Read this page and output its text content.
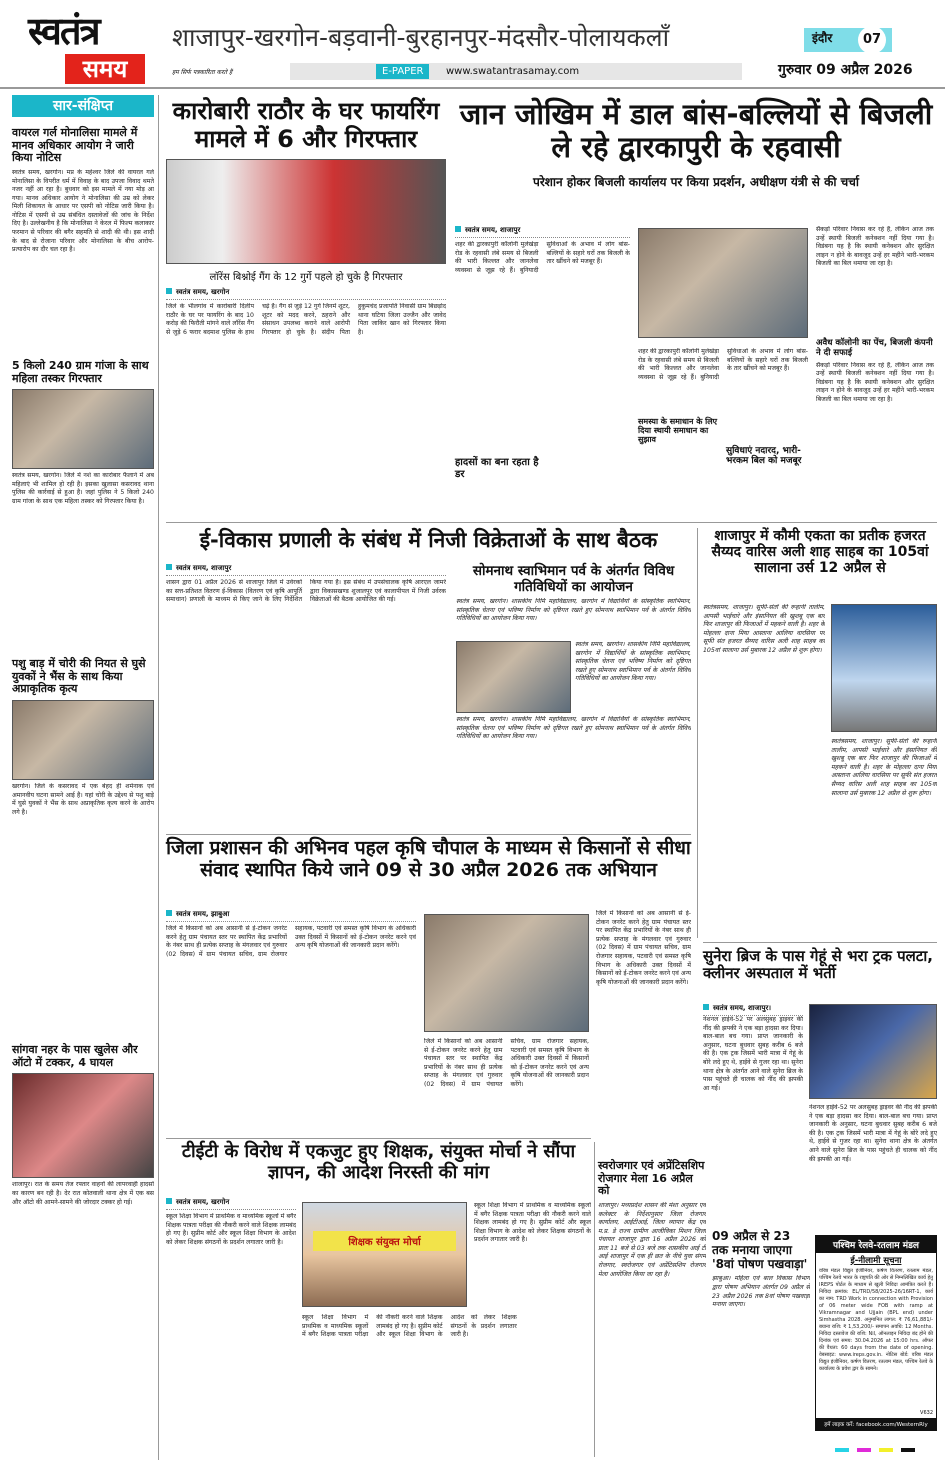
स्वतंत्र
समय
शाजापुर-खरगोन-बड़वानी-बुरहानपुर-मंदसौर-पोलायकलाँ	इंदौर	07
हम सिर्फ पत्रकारिता करते हैं	E-PAPER	www.swatantrasamay.com	गुरुवार 09 अप्रैल 2026
सार-संक्षिप्त
वायरल गर्ल मोनालिसा मामले में मानव अधिकार आयोग ने जारी किया नोटिस
स्वतंत्र समय, खरगोन। मप्र के महेश्वर जिले की वायरल गर्ल मोनालिसा के विपरीत धर्म में विवाह के बाद उपजा विवाद थमते नजर नहीं आ रहा है। बुधवार को इस मामले में नया मोड़ आ गया। मानव अधिकार आयोग ने मोनालिसा की उम्र को लेकर मिली शिकायत के आधार पर एसपी को नोटिस जारी किया है। नोटिस में एसपी से उम्र संबंधित दस्तावेजों की जांच के निर्देश दिए है। उल्लेखनीय है कि मोनालिसा ने केरल में फिल्म कलाकार फरमान से परिवार की बगैर सहमति से शादी की थी। इस शादी के बाद से रोजाना परिवार और मोनालिसा के बीच आरोप- प्रत्यारोप का दौर चल रहा है।
5 किलो 240 ग्राम गांजा के साथ महिला तस्कर गिरफ्तार
स्वतंत्र समय, खरगोन। जिले में नशे का कारोबार फैलाने में अब महिलाएं भी शामिल हो रही है। इसका खुलासा कसरावद थाना पुलिस की कार्रवाई से हुआ है। जहां पुलिस ने 5 किलो 240 ग्राम गांजा के साथ एक महिला तस्कर को गिरफ्तार किया है।
पशु बाड़ में चोरी की नियत से घुसे युवकों ने भैंस के साथ किया अप्राकृतिक कृत्य
खरगोन। जिले के कसरावद में एक बेहद ही शर्मनाक एवं अमानवीय घटना सामने आई है। यहां चोरी के उद्देश्य से पशु बाड़े में घुसे युवकों ने भैंस के साथ अप्राकृतिक कृत्य करने के आरोप लगे है।
सांगवा नहर के पास खुलेस और ऑटो में टक्कर, 4 घायल
शाजापुर। रात के समय तेज रफ्तार वाहनों की लापरवाही हादसों का कारण बन रही है। देर रात कोतवाली थाना क्षेत्र में एक बस और ऑटो की आमने-सामने की जोरदार टक्कर हो गई।
कारोबारी राठौर के घर फायरिंग मामले में 6 और गिरफ्तार
लॉरेंस बिश्नोई गैंग के 12 गुर्गे पहले हो चुके है गिरफ्तार
स्वतंत्र समय, खरगोन
जिले के भीलगांव में कारोबारी दिलीप राठौर के घर पर फायरिंग के बाद 10 करोड़ की फिरौती मांगने वाले लॉरेंस गैंग से जुड़े 6 फरार बदमाश पुलिस के हाथ चढ़े है। गैंग से जुड़े 12 गुर्गे जिनमें शूटर, शूटर को मदद करने, ठहराने और संसाधन उपलब्ध कराने वाले आरोपी गिरफ्तार हो चुके है। संदीप पिता हुकुमचंद प्रजापति निवासी ग्राम बिछड़ोद थाना घटिया जिला उज्जैन और जावेद पिता जाकिर खान को गिरफ्तार किया है।
जान जोखिम में डाल बांस-बल्लियों से बिजली ले रहे द्वारकापुरी के रहवासी
परेशान होकर बिजली कार्यालय पर किया प्रदर्शन, अधीक्षण यंत्री से की चर्चा
स्वतंत्र समय, शाजापुर
शहर की द्वारकापुरी कॉलोनी मुलेखेड़ा रोड के रहवासी लंबे समय से बिजली की भारी किल्लत और जानलेवा व्यवस्था से जूझ रहे हैं। बुनियादी सुविधाओं के अभाव में लोग बांस-बल्लियों के सहारे घरों तक बिजली के तार खींचने को मजबूर हैं।
हादसों का बना रहता है डर
शहर की द्वारकापुरी कॉलोनी मुलेखेड़ा रोड के रहवासी लंबे समय से बिजली की भारी किल्लत और जानलेवा व्यवस्था से जूझ रहे हैं। बुनियादी सुविधाओं के अभाव में लोग बांस-बल्लियों के सहारे घरों तक बिजली के तार खींचने को मजबूर हैं।
समस्या के समाधान के लिए दिया स्थायी समाधान का सुझाव
सुविधाएं नदारद, भारी-भरकम बिल को मजबूर
सैकड़ों परिवार निवास कर रहे हैं, लेकिन आज तक उन्हें स्थायी बिजली कनेक्शन नहीं दिया गया है। विडंबना यह है कि स्थायी कनेक्शन और सुरक्षित लाइन न होने के बावजूद उन्हें हर महीने भारी-भरकम बिजली का बिल थमाया जा रहा है।
अवैध कॉलोनी का पेंच, बिजली कंपनी ने दी सफाई
सैकड़ों परिवार निवास कर रहे हैं, लेकिन आज तक उन्हें स्थायी बिजली कनेक्शन नहीं दिया गया है। विडंबना यह है कि स्थायी कनेक्शन और सुरक्षित लाइन न होने के बावजूद उन्हें हर महीने भारी-भरकम बिजली का बिल थमाया जा रहा है।
ई-विकास प्रणाली के संबंध में निजी विक्रेताओं के साथ बैठक
स्वतंत्र समय, शाजापुर
शासन द्वारा 01 अप्रैल 2026 से शाजापुर जिले में उर्वरकों का सत्त-प्रतिशत वितरण ई-विकास (वितरण एवं कृषि आपूर्ति समाधान) प्रणाली के माध्यम से किए जाने के लिए निर्देशित किया गया है। इस संबंध में उपसंचालक कृषि आरएल जामरे द्वारा विकासखण्ड शुजालपुर एवं कालापीपल में निजी उर्वरक विक्रेताओं की बैठक आयोजित की गई।
सोमनाथ स्वाभिमान पर्व के अंतर्गत विविध गतिविधियों का आयोजन
स्वतंत्र समय, खरगोन। शासकीय निमि महाविद्यालय, खरगोन में विद्यार्थियों के सांस्कृतिक स्वाभिमान, सांस्कृतिक चेतना एवं भविष्य निर्माण को दृष्टिगत रखते हुए सोमनाथ स्वाभिमान पर्व के अंतर्गत विविध गतिविधियों का आयोजन किया गया।
स्वतंत्र समय, खरगोन। शासकीय निमि महाविद्यालय, खरगोन में विद्यार्थियों के सांस्कृतिक स्वाभिमान, सांस्कृतिक चेतना एवं भविष्य निर्माण को दृष्टिगत रखते हुए सोमनाथ स्वाभिमान पर्व के अंतर्गत विविध गतिविधियों का आयोजन किया गया।
स्वतंत्र समय, खरगोन। शासकीय निमि महाविद्यालय, खरगोन में विद्यार्थियों के सांस्कृतिक स्वाभिमान, सांस्कृतिक चेतना एवं भविष्य निर्माण को दृष्टिगत रखते हुए सोमनाथ स्वाभिमान पर्व के अंतर्गत विविध गतिविधियों का आयोजन किया गया।
शाजापुर में कौमी एकता का प्रतीक हजरत सैय्यद वारिस अली शाह साहब का 105वां सालाना उर्स 12 अप्रैल से
स्वतंत्रसमय, शाजापुर। सूफी-संतों की रूहानी तालीम, आपसी भाईचारे और इंसानियत की खुशबू एक बार फिर शाजापुर की फिजाओं में महकने वाली है। शहर के मोहल्ला दाना मिया आस्ताना आलिया वारसिया पर सूफी संत हजरत सैय्यद वारिस अली शाह साहब का 105वां सालाना उर्स मुबारक 12 अप्रैल से शुरू होगा।
स्वतंत्रसमय, शाजापुर। सूफी-संतों की रूहानी तालीम, आपसी भाईचारे और इंसानियत की खुशबू एक बार फिर शाजापुर की फिजाओं में महकने वाली है। शहर के मोहल्ला दाना मिया आस्ताना आलिया वारसिया पर सूफी संत हजरत सैय्यद वारिस अली शाह साहब का 105वां सालाना उर्स मुबारक 12 अप्रैल से शुरू होगा।
जिला प्रशासन की अभिनव पहल कृषि चौपाल के माध्यम से किसानों से सीधा संवाद स्थापित किये जाने 09 से 30 अप्रैल 2026 तक अभियान
स्वतंत्र समय, झाबुआ
जिले में किसानों को अब आसानी से ई-टोकन जनरेट करने हेतु ग्राम पंचायत स्तर पर स्थापित केंद्र प्रभारियों के नंबर साथ ही प्रत्येक सप्ताह के मंगलवार एवं गुरुवार (02 दिवस) में ग्राम पंचायत सचिव, ग्राम रोजगार सहायक, पटवारी एवं समस्त कृषि विभाग के अधिकारी उक्त दिवसों में किसानों को ई-टोकन जनरेट करने एवं अन्य कृषि योजनाओं की जानकारी प्रदान करेंगे।
जिले में किसानों को अब आसानी से ई-टोकन जनरेट करने हेतु ग्राम पंचायत स्तर पर स्थापित केंद्र प्रभारियों के नंबर साथ ही प्रत्येक सप्ताह के मंगलवार एवं गुरुवार (02 दिवस) में ग्राम पंचायत सचिव, ग्राम रोजगार सहायक, पटवारी एवं समस्त कृषि विभाग के अधिकारी उक्त दिवसों में किसानों को ई-टोकन जनरेट करने एवं अन्य कृषि योजनाओं की जानकारी प्रदान करेंगे।
जिले में किसानों को अब आसानी से ई-टोकन जनरेट करने हेतु ग्राम पंचायत स्तर पर स्थापित केंद्र प्रभारियों के नंबर साथ ही प्रत्येक सप्ताह के मंगलवार एवं गुरुवार (02 दिवस) में ग्राम पंचायत सचिव, ग्राम रोजगार सहायक, पटवारी एवं समस्त कृषि विभाग के अधिकारी उक्त दिवसों में किसानों को ई-टोकन जनरेट करने एवं अन्य कृषि योजनाओं की जानकारी प्रदान करेंगे।
सुनेरा ब्रिज के पास गेहूं से भरा ट्रक पलटा, क्लीनर अस्पताल में भर्ती
स्वतंत्र समय, शाजापुर।
नेशनल हाईवे-52 पर अलसुबह ड्राइवर की नींद की झपकी ने एक बड़ा हादसा कर दिया। बाल-बाल बच गया। प्राप्त जानकारी के अनुसार, घटना बुधवार सुबह करीब 6 बजे की है। एक ट्रक जिसमें भारी मात्रा में गेहूं के बोरे लदे हुए थे, हाईवे से गुजर रहा था। सुनेरा थाना क्षेत्र के अंतर्गत आने वाले सुनेरा ब्रिज के पास पहुंचते ही चालक को नींद की झपकी आ गई।
नेशनल हाईवे-52 पर अलसुबह ड्राइवर की नींद की झपकी ने एक बड़ा हादसा कर दिया। बाल-बाल बच गया। प्राप्त जानकारी के अनुसार, घटना बुधवार सुबह करीब 6 बजे की है। एक ट्रक जिसमें भारी मात्रा में गेहूं के बोरे लदे हुए थे, हाईवे से गुजर रहा था। सुनेरा थाना क्षेत्र के अंतर्गत आने वाले सुनेरा ब्रिज के पास पहुंचते ही चालक को नींद की झपकी आ गई।
टीईटी के विरोध में एकजुट हुए शिक्षक, संयुक्त मोर्चा ने सौंपा ज्ञापन, की आदेश निरस्ती की मांग
स्वतंत्र समय, खरगोन
स्कूल शिक्षा विभाग में प्राथमिक व माध्यमिक स्कूलों में बगैर शिक्षक पात्रता परीक्षा की नौकरी करने वाले शिक्षक लामबंद हो गए है। सुप्रीम कोर्ट और स्कूल शिक्षा विभाग के आदेश को लेकर शिक्षक संगठनों के प्रदर्शन लगातार जारी है।	शिक्षक संयुक्त मोर्चा
स्कूल शिक्षा विभाग में प्राथमिक व माध्यमिक स्कूलों में बगैर शिक्षक पात्रता परीक्षा की नौकरी करने वाले शिक्षक लामबंद हो गए है। सुप्रीम कोर्ट और स्कूल शिक्षा विभाग के आदेश को लेकर शिक्षक संगठनों के प्रदर्शन लगातार जारी है।
स्कूल शिक्षा विभाग में प्राथमिक व माध्यमिक स्कूलों में बगैर शिक्षक पात्रता परीक्षा की नौकरी करने वाले शिक्षक लामबंद हो गए है। सुप्रीम कोर्ट और स्कूल शिक्षा विभाग के आदेश को लेकर शिक्षक संगठनों के प्रदर्शन लगातार जारी है।
स्वरोजगार एवं अप्रेंटिसशिप रोजगार मेला 16 अप्रैल को
शाजापुर। मध्यप्रदेश शासन की मंशा अनुसार एवं कलेक्टर के निर्देशानुसार जिला रोजगार कार्यालय, आईटीआई, जिला व्यापार केंद्र एवं म.प्र. डे राज्य ग्रामीण आजीविका मिशन जिला पंचायत शाजापुर द्वारा 16 अप्रैल 2026 को प्रातः 11 बजे से 03 बजे तक शासकीय आई टी आई शाजापुर में एक ही छत के नीचे युवा संगम रोजगार, स्वरोजगार एवं अप्रेंटिसशिप रोजगार मेला आयोजित किया जा रहा है।
09 अप्रैल से 23 तक मनाया जाएगा '8वां पोषण पखवाड़ा'
झाबुआ। महिला एवं बाल विकास विभाग द्वारा पोषण अभियान अंतर्गत 09 अप्रैल से 23 अप्रैल 2026 तक 8वां पोषण पखवाड़ा मनाया जाएगा।
पश्चिम रेलवे-रतलाम मंडल
ई-नीलामी सूचना
वरिष्ठ मंडल विद्युत इंजीनियर, कर्षण वितरण, रतलाम मंडल, पश्चिम रेलवे भारत के राष्ट्रपति की ओर से निम्नलिखित कार्य हेतु IREPS पोर्टल के माध्यम से खुली निविदा आमंत्रित करते हैं। निविदा क्रमांक: EL/TRD/58/2025-26/16RT-1, कार्य का नाम: TRD Work in connection with Provision of 06 meter wide FOB with ramp at Vikramnagar and Ujjain (BPL end) under Simhastha 2028. अनुमानित लागत: ₹ 76,61,881/- बयाना राशि: ₹ 1,53,200/- समापन अवधि: 12 Months. निविदा दस्तावेज की राशि: Nil, ऑनलाइन निविदा बंद होने की दिनांक एवं समय: 30.04.2026 at 15:00 hrs. ऑफर की वैधता: 60 days from the date of opening. वेबसाइट: www.ireps.gov.in. नोटिस बोर्ड: वरिष्ठ मंडल विद्युत इंजीनियर, कर्षण वितरण, रतलाम मंडल, पश्चिम रेलवे के कार्यालय के प्रवेश द्वार के सामने।
V632
हमें लाइक करें: facebook.com/WesternRly
